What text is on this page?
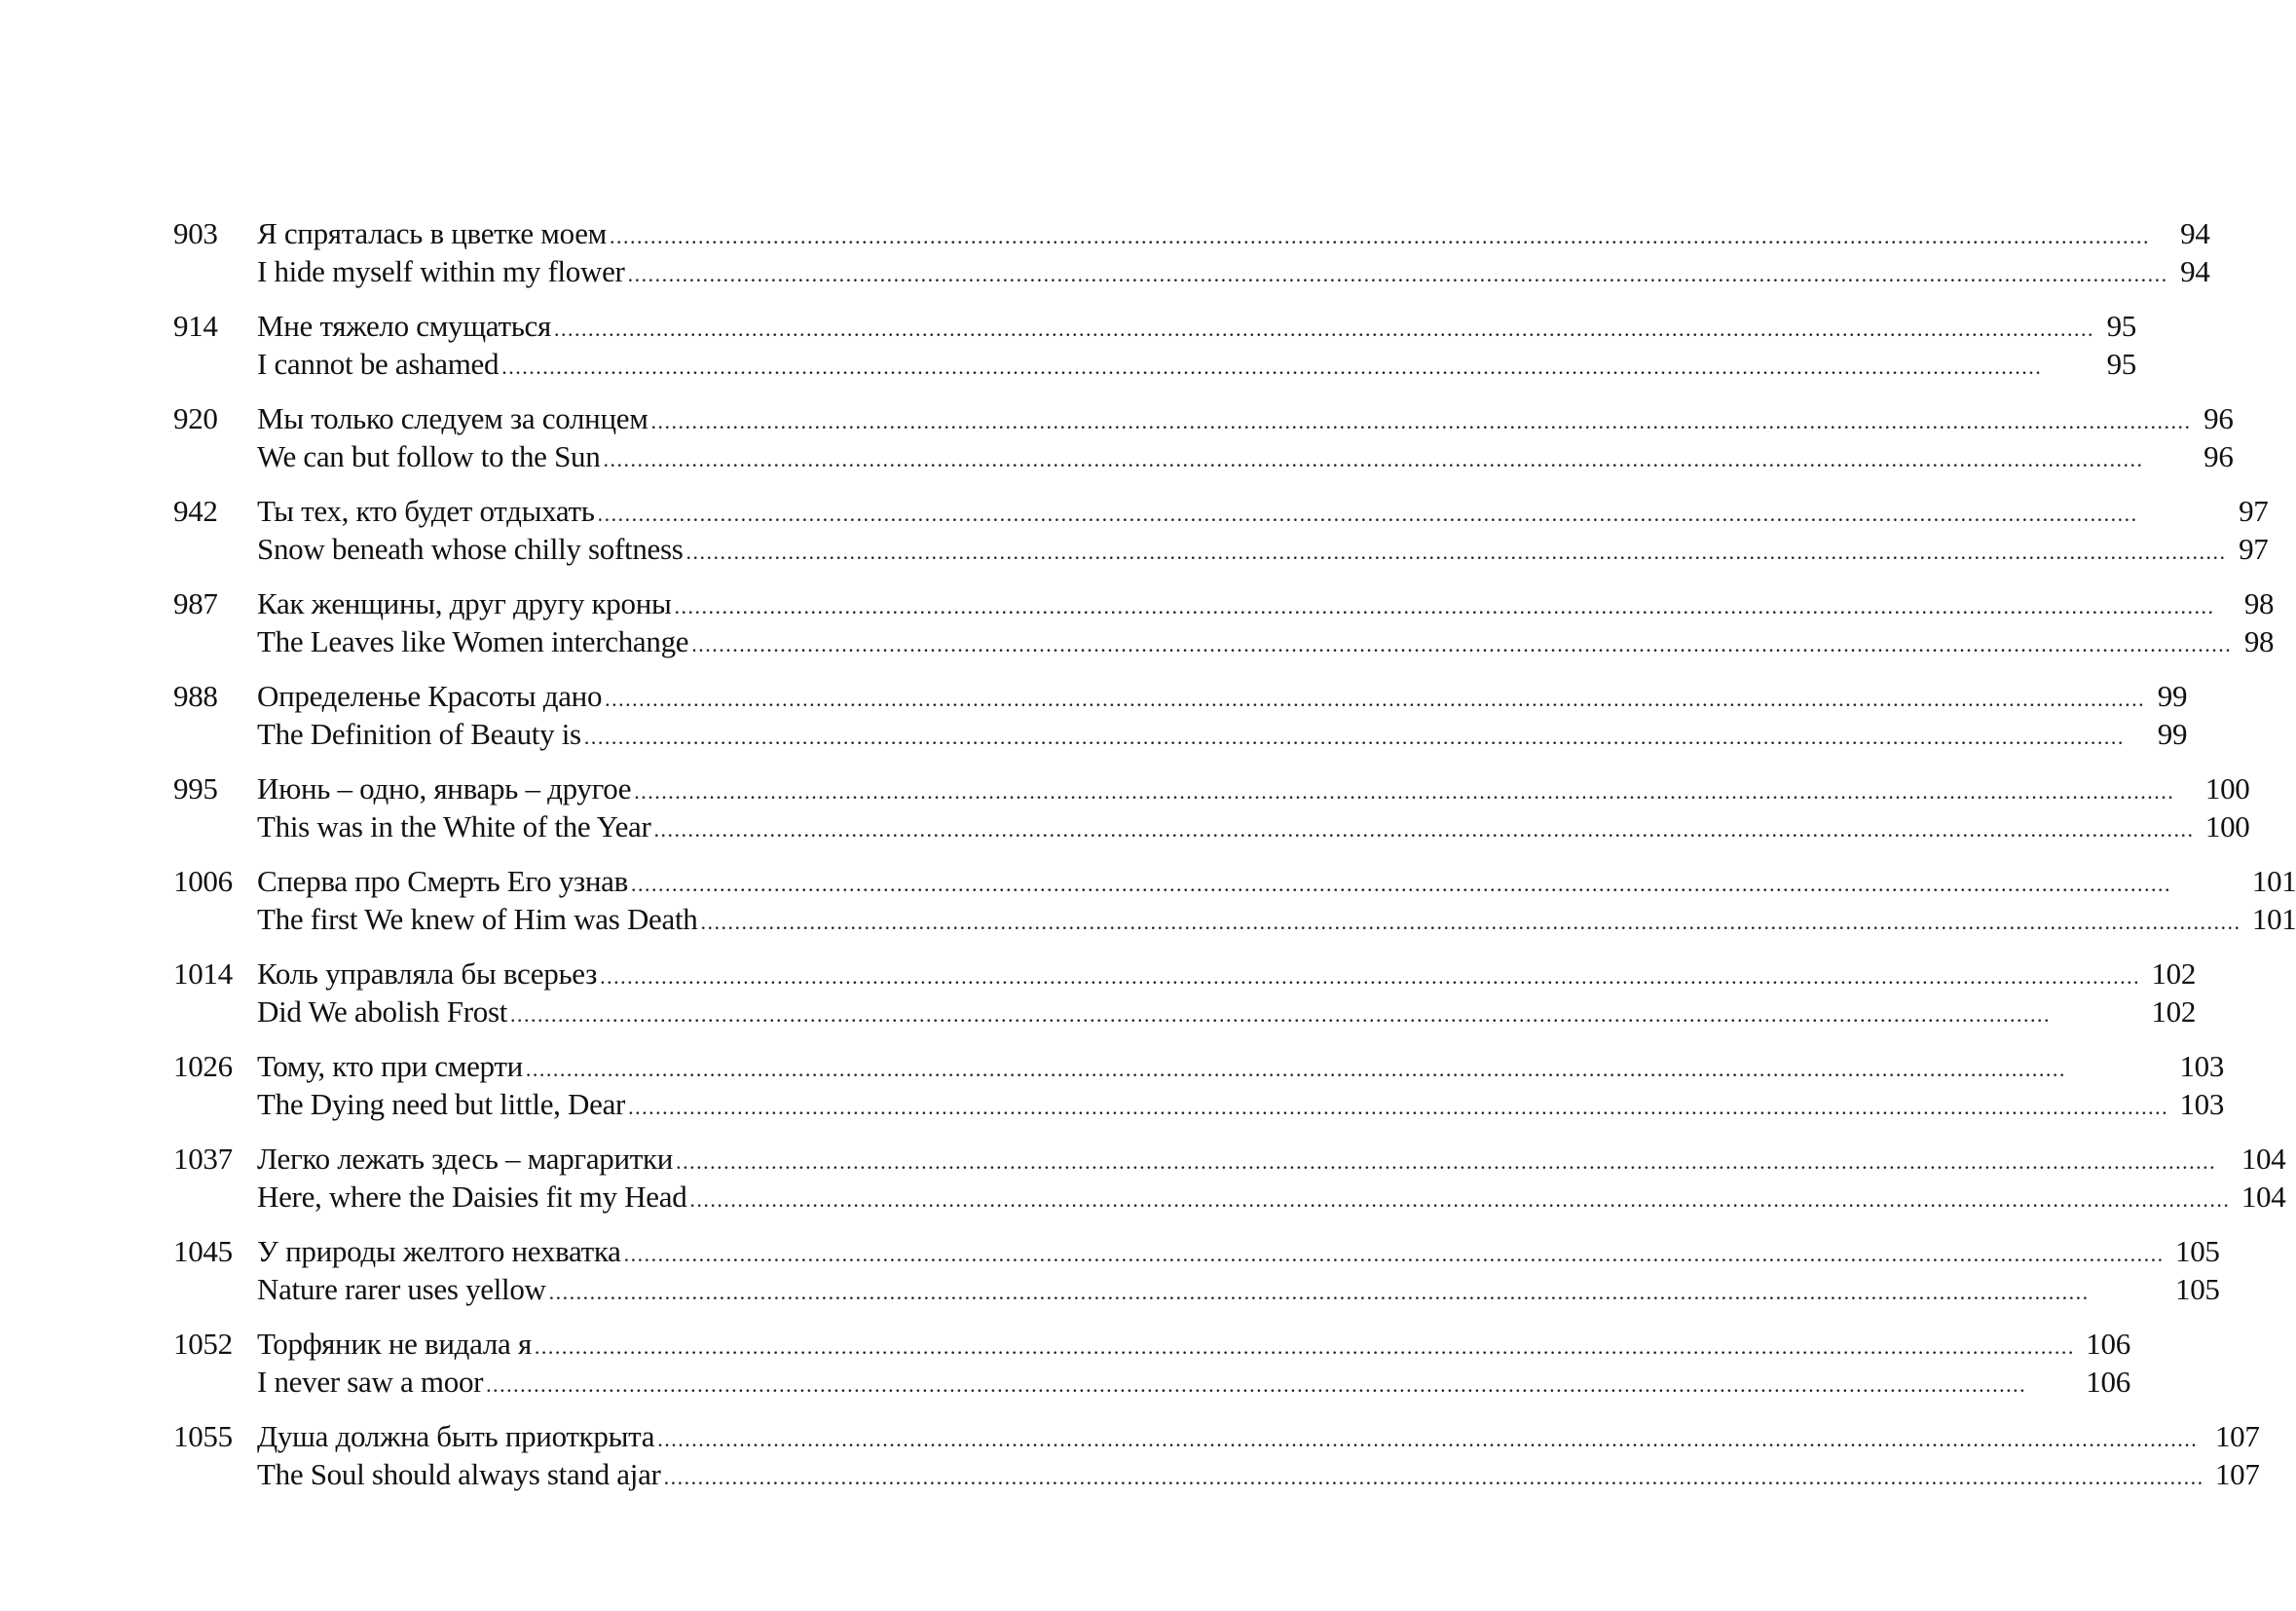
903	Я спряталась в цветке моем .....	94
I hide myself within my flower .....	94
914	Мне тяжело смущаться .....	95
I cannot be ashamed .....	95
920	Мы только следуем за солнцем .....	96
We can but follow to the Sun .....	96
942	Ты тех, кто будет отдыхать .....	97
Snow beneath whose chilly softness .....	97
987	Как женщины, друг другу кроны .....	98
The Leaves like Women interchange .....	98
988	Определенье Красоты дано .....	99
The Definition of Beauty is .....	99
995	Июнь – одно, январь – другое .....	100
This was in the White of the Year .....	100
1006 Сперва про Смерть Его узнав .....	101
The first We knew of Him was Death .....	101
1014 Коль управляла бы всерьез .....	102
Did We abolish Frost .....	102
1026 Тому, кто при смерти .....	103
The Dying need but little, Dear .....	103
1037 Легко лежать здесь – маргаритки .....	104
Here, where the Daisies fit my Head .....	104
1045 У природы желтого нехватка .....	105
Nature rarer uses yellow .....	105
1052 Торфяник не видала я .....	106
I never saw a moor .....	106
1055 Душа должна быть приоткрыта .....	107
The Soul should always stand ajar .....	107
